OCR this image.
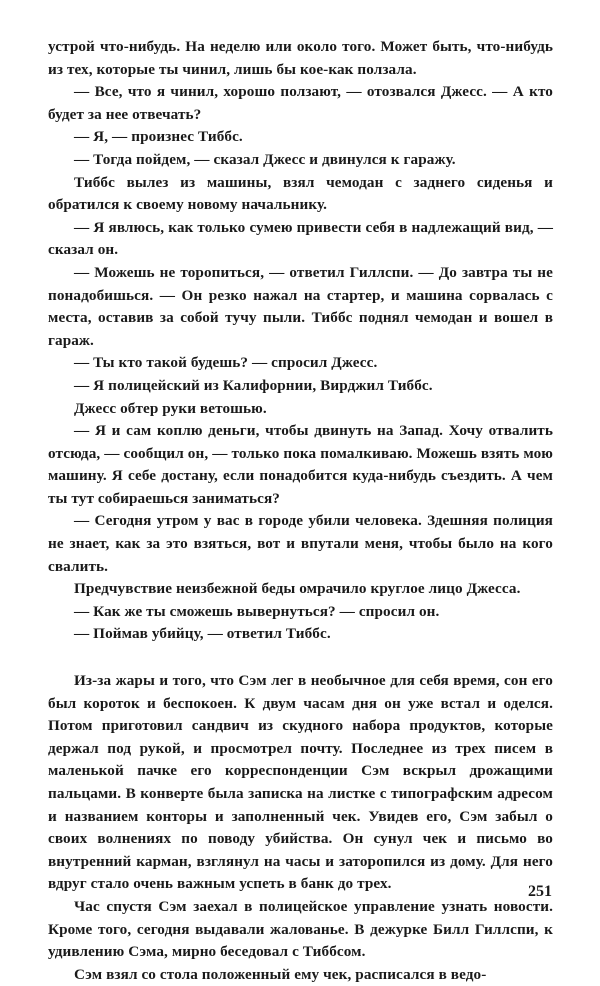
устрой что-нибудь. На неделю или около того. Может быть, что-нибудь из тех, которые ты чинил, лишь бы кое-как ползала.

— Все, что я чинил, хорошо ползают, — отозвался Джесс. — А кто будет за нее отвечать?

— Я, — произнес Тиббс.

— Тогда пойдем, — сказал Джесс и двинулся к гаражу.

Тиббс вылез из машины, взял чемодан с заднего сиденья и обратился к своему новому начальнику.

— Я явлюсь, как только сумею привести себя в надлежащий вид, — сказал он.

— Можешь не торопиться, — ответил Гиллспи. — До завтра ты не понадобишься. — Он резко нажал на стартер, и машина сорвалась с места, оставив за собой тучу пыли. Тиббс поднял чемодан и вошел в гараж.

— Ты кто такой будешь? — спросил Джесс.

— Я полицейский из Калифорнии, Вирджил Тиббс.

Джесс обтер руки ветошью.

— Я и сам коплю деньги, чтобы двинуть на Запад. Хочу отвалить отсюда, — сообщил он, — только пока помалкиваю. Можешь взять мою машину. Я себе достану, если понадобится куда-нибудь съездить. А чем ты тут собираешься заниматься?

— Сегодня утром у вас в городе убили человека. Здешняя полиция не знает, как за это взяться, вот и впутали меня, чтобы было на кого свалить.

Предчувствие неизбежной беды омрачило круглое лицо Джесса.

— Как же ты сможешь вывернуться? — спросил он.

— Поймав убийцу, — ответил Тиббс.

Из-за жары и того, что Сэм лег в необычное для себя время, сон его был короток и беспокоен. К двум часам дня он уже встал и оделся. Потом приготовил сандвич из скудного набора продуктов, которые держал под рукой, и просмотрел почту. Последнее из трех писем в маленькой пачке его корреспонденции Сэм вскрыл дрожащими пальцами. В конверте была записка на листке с типографским адресом и названием конторы и заполненный чек. Увидев его, Сэм забыл о своих волнениях по поводу убийства. Он сунул чек и письмо во внутренний карман, взглянул на часы и заторопился из дому. Для него вдруг стало очень важным успеть в банк до трех.

Час спустя Сэм заехал в полицейское управление узнать новости. Кроме того, сегодня выдавали жалованье. В дежурке Билл Гиллспи, к удивлению Сэма, мирно беседовал с Тиббсом.

Сэм взял со стола положенный ему чек, расписался в ведо-

251
